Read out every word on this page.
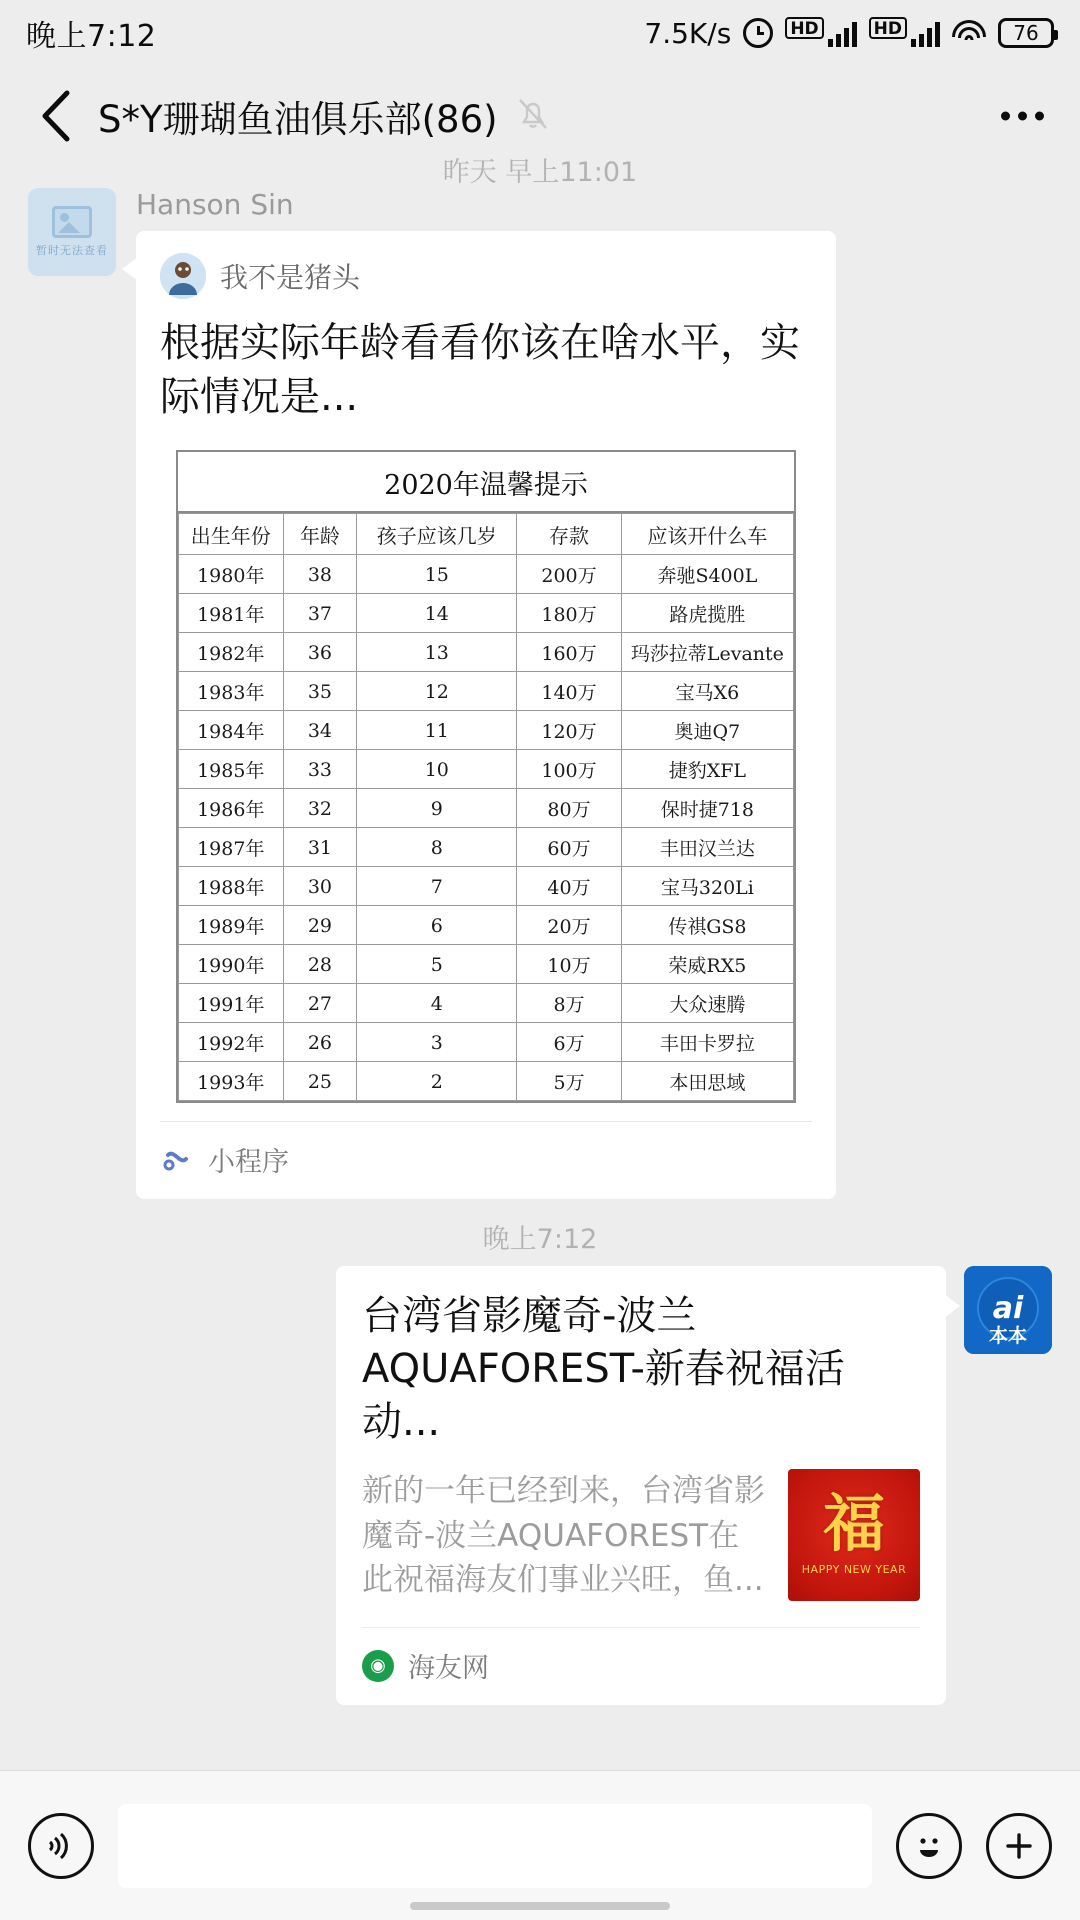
晚上7:12	7.5K/s	HD	HD	76
S*Y珊瑚鱼油俱乐部(86)
昨天 早上11:01
暂时无法查看
Hanson Sin
我不是猪头
根据实际年龄看看你该在啥水平，实际情况是...
2020年温馨提示
出生年份	年龄	孩子应该几岁	存款	应该开什么车
1980年	38	15	200万	奔驰S400L
1981年	37	14	180万	路虎揽胜
1982年	36	13	160万	玛莎拉蒂Levante
1983年	35	12	140万	宝马X6
1984年	34	11	120万	奥迪Q7
1985年	33	10	100万	捷豹XFL
1986年	32	9	80万	保时捷718
1987年	31	8	60万	丰田汉兰达
1988年	30	7	40万	宝马320Li
1989年	29	6	20万	传祺GS8
1990年	28	5	10万	荣威RX5
1991年	27	4	8万	大众速腾
1992年	26	3	6万	丰田卡罗拉
1993年	25	2	5万	本田思域
小程序
晚上7:12
台湾省影魔奇-波兰AQUAFOREST-新春祝福活动...
新的一年已经到来，台湾省影魔奇-波兰AQUAFOREST在此祝福海友们事业兴旺，鱼...
福
HAPPY NEW YEAR
◉ 海友网
ai
本本
